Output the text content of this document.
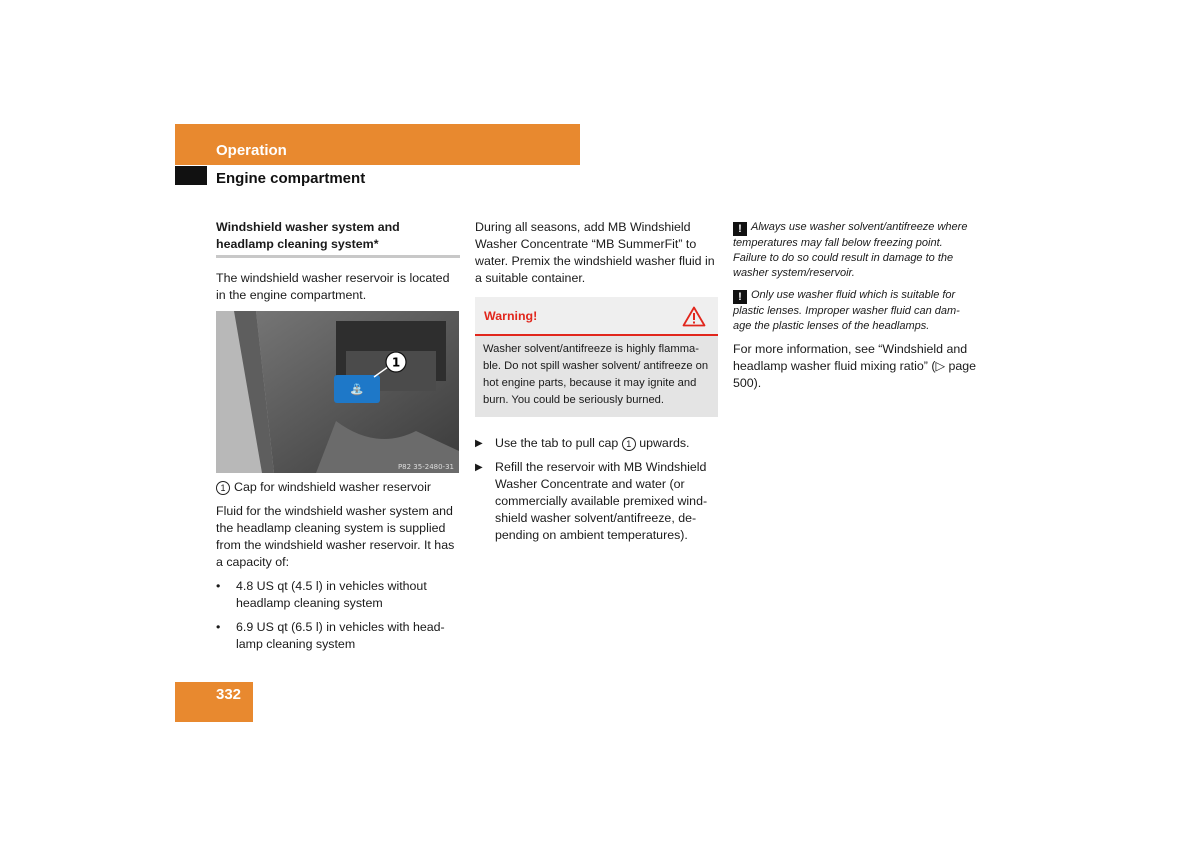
Operation
Engine compartment

Windshield washer system and headlamp cleaning system*

The windshield washer reservoir is located in the engine compartment.

⛲
1
P82 35-2480-31

1 Cap for windshield washer reservoir

Fluid for the windshield washer system and the headlamp cleaning system is supplied from the windshield washer reservoir. It has a capacity of:

•	4.8 US qt (4.5 l) in vehicles without headlamp cleaning system
•	6.9 US qt (6.5 l) in vehicles with head-lamp cleaning system

During all seasons, add MB Windshield Washer Concentrate “MB SummerFit” to water. Premix the windshield washer fluid in a suitable container.

Warning!
Washer solvent/antifreeze is highly flamma-ble. Do not spill washer solvent/ antifreeze on hot engine parts, because it may ignite and burn. You could be seriously burned.
▶ Use the tab to pull cap 1 upwards.
▶ Refill the reservoir with MB Windshield Washer Concentrate and water (or commercially available premixed wind-shield washer solvent/antifreeze, de-pending on ambient temperatures).

! Always use washer solvent/antifreeze where temperatures may fall below freezing point. Failure to do so could result in damage to the washer system/reservoir.

! Only use washer fluid which is suitable for plastic lenses. Improper washer fluid can dam-age the plastic lenses of the headlamps.

For more information, see “Windshield and headlamp washer fluid mixing ratio” (▷ page 500).

332
